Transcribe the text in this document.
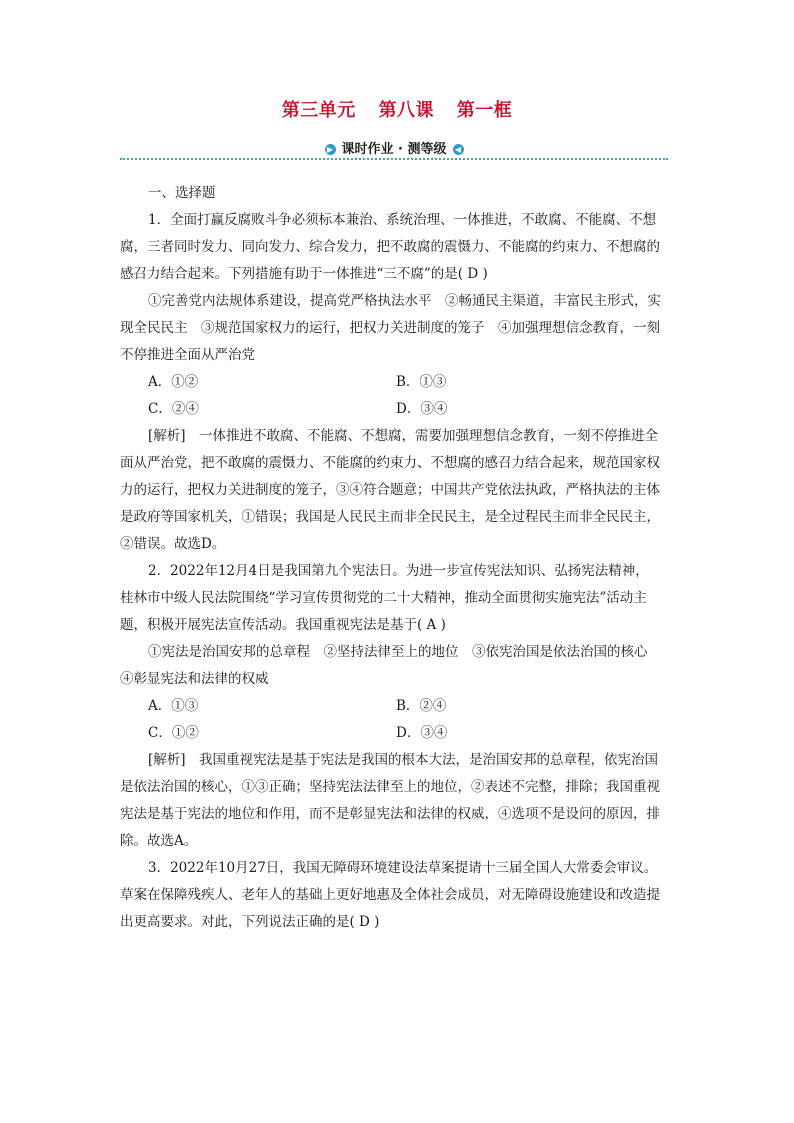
第三单元 第八课 第一框
▶ 课时作业 · 测等级 ◀
一、选择题
1．全面打赢反腐败斗争必须标本兼治、系统治理、一体推进，不敢腐、不能腐、不想
腐，三者同时发力、同向发力、综合发力，把不敢腐的震慑力、不能腐的约束力、不想腐的
感召力结合起来。下列措施有助于一体推进“三不腐”的是( D )
①完善党内法规体系建设，提高党严格执法水平　②畅通民主渠道，丰富民主形式，实
现全民民主　③规范国家权力的运行，把权力关进制度的笼子　④加强理想信念教育，一刻
不停推进全面从严治党
A．①②	B．①③
C．②④	D．③④
[解析]　一体推进不敢腐、不能腐、不想腐，需要加强理想信念教育，一刻不停推进全
面从严治党，把不敢腐的震慑力、不能腐的约束力、不想腐的感召力结合起来，规范国家权
力的运行，把权力关进制度的笼子，③④符合题意；中国共产党依法执政，严格执法的主体
是政府等国家机关，①错误；我国是人民民主而非全民民主，是全过程民主而非全民民主，
②错误。故选D。
2．2022年12月4日是我国第九个宪法日。为进一步宣传宪法知识、弘扬宪法精神，
桂林市中级人民法院围绕“学习宣传贯彻党的二十大精神，推动全面贯彻实施宪法”活动主
题，积极开展宪法宣传活动。我国重视宪法是基于( A )
①宪法是治国安邦的总章程　②坚持法律至上的地位　③依宪治国是依法治国的核心
④彰显宪法和法律的权威
A．①③	B．②④
C．①②	D．③④
[解析]　我国重视宪法是基于宪法是我国的根本大法，是治国安邦的总章程，依宪治国
是依法治国的核心，①③正确；坚持宪法法律至上的地位，②表述不完整，排除；我国重视
宪法是基于宪法的地位和作用，而不是彰显宪法和法律的权威，④选项不是设问的原因，排
除。故选A。
3．2022年10月27日，我国无障碍环境建设法草案提请十三届全国人大常委会审议。
草案在保障残疾人、老年人的基础上更好地惠及全体社会成员，对无障碍设施建设和改造提
出更高要求。对此，下列说法正确的是( D )
